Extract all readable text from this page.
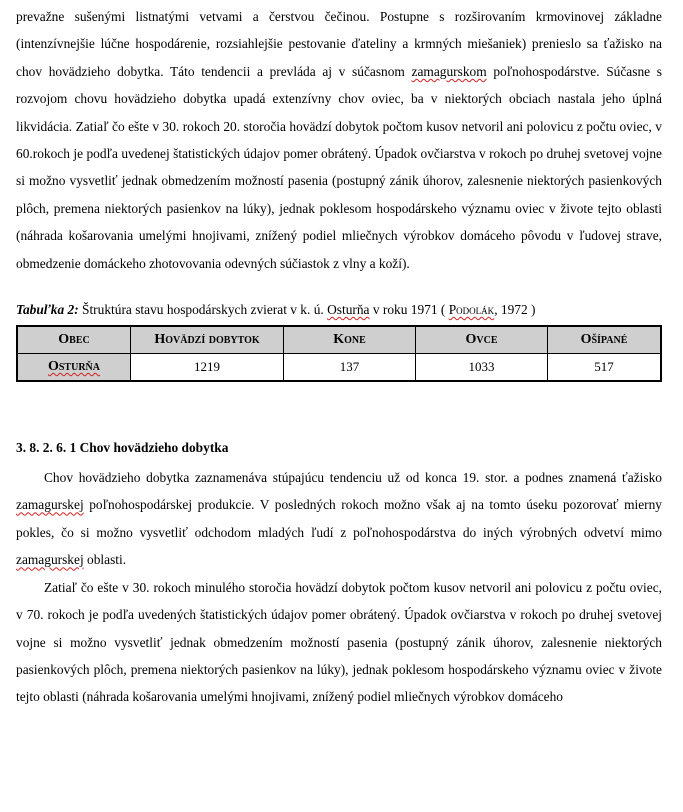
prevažne sušenými listnatými vetvami a čerstvou čečinou. Postupne s rozširovaním krmovinovej základne (intenzívnejšie lúčne hospodárenie, rozsiahlejšie pestovanie ďateliny a krmných miešaniek) prenieslo sa ťažisko na chov hovädzieho dobytka. Táto tendencii a prevláda aj v súčasnom zamagurskom poľnohospodárstve. Súčasne s rozvojom chovu hovädzieho dobytka upadá extenzívny chov oviec, ba v niektorých obciach nastala jeho úplná likvidácia. Zatiaľ čo ešte v 30. rokoch 20. storočia hovädzí dobytok počtom kusov netvoril ani polovicu z počtu oviec, v 60.rokoch je podľa uvedenej štatistických údajov pomer obrátený. Úpadok ovčiarstva v rokoch po druhej svetovej vojne si možno vysvetliť jednak obmedzením možností pasenia (postupný zánik úhorov, zalesnenie niektorých pasienkových plôch, premena niektorých pasienkov na lúky), jednak poklesom hospodárskeho významu oviec v živote tejto oblasti (náhrada košarovania umelými hnojivami, znížený podiel mliečnych výrobkov domáceho pôvodu v ľudovej strave, obmedzenie domáckeho zhotovovania odevných súčiastok z vlny a koží).

Tabuľka 2: Štruktúra stavu hospodárskych zvierat v k. ú. Osturňa v roku 1971 ( Podolák, 1972 )
Obec	Hovädzí dobytok	Kone	Ovce	Ošípané
Osturňa	1219	137	1033	517
3. 8. 2. 6. 1 Chov hovädzieho dobytka

Chov hovädzieho dobytka zaznamenáva stúpajúcu tendenciu už od konca 19. stor. a podnes znamená ťažisko zamagurskej poľnohospodárskej produkcie. V posledných rokoch možno však aj na tomto úseku pozorovať mierny pokles, čo si možno vysvetliť odchodom mladých ľudí z poľnohospodárstva do iných výrobných odvetví mimo zamagurskej oblasti.

Zatiaľ čo ešte v 30. rokoch minulého storočia hovädzí dobytok počtom kusov netvoril ani polovicu z počtu oviec, v 70. rokoch je podľa uvedených štatistických údajov pomer obrátený. Úpadok ovčiarstva v rokoch po druhej svetovej vojne si možno vysvetliť jednak obmedzením možností pasenia (postupný zánik úhorov, zalesnenie niektorých pasienkových plôch, premena niektorých pasienkov na lúky), jednak poklesom hospodárskeho významu oviec v živote tejto oblasti (náhrada košarovania umelými hnojivami, znížený podiel mliečnych výrobkov domáceho
